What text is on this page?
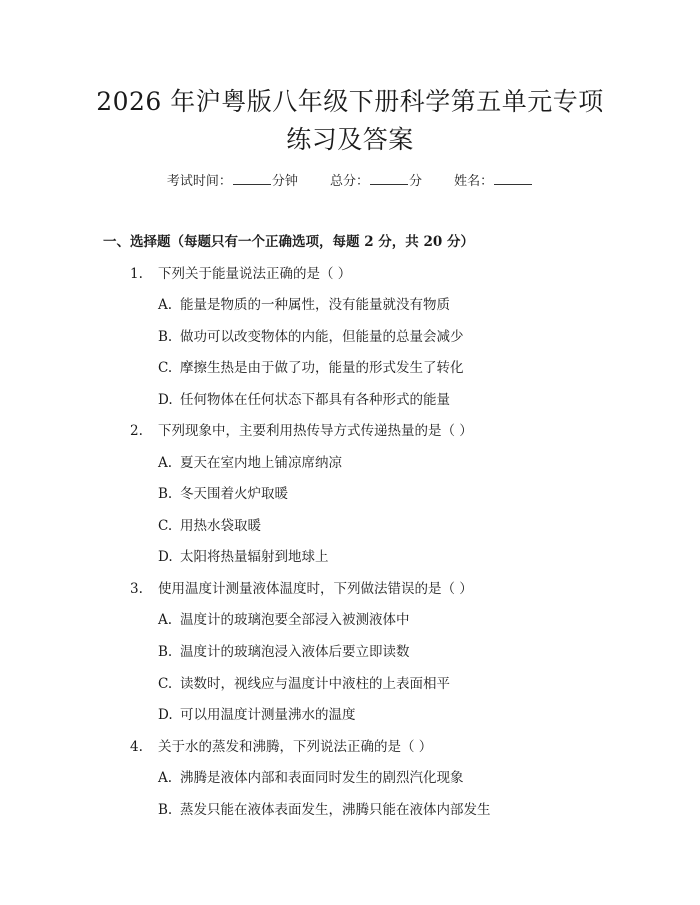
2026 年沪粤版八年级下册科学第五单元专项
练习及答案
考试时间：	分钟 总分：	分 姓名：
一、选择题（每题只有一个正确选项，每题 2 分，共 20 分）
1. 下列关于能量说法正确的是（ ）
A. 能量是物质的一种属性，没有能量就没有物质
B. 做功可以改变物体的内能，但能量的总量会减少
C. 摩擦生热是由于做了功，能量的形式发生了转化
D. 任何物体在任何状态下都具有各种形式的能量
2. 下列现象中，主要利用热传导方式传递热量的是（ ）
A. 夏天在室内地上铺凉席纳凉
B. 冬天围着火炉取暖
C. 用热水袋取暖
D. 太阳将热量辐射到地球上
3. 使用温度计测量液体温度时，下列做法错误的是（ ）
A. 温度计的玻璃泡要全部浸入被测液体中
B. 温度计的玻璃泡浸入液体后要立即读数
C. 读数时，视线应与温度计中液柱的上表面相平
D. 可以用温度计测量沸水的温度
4. 关于水的蒸发和沸腾，下列说法正确的是（ ）
A. 沸腾是液体内部和表面同时发生的剧烈汽化现象
B. 蒸发只能在液体表面发生，沸腾只能在液体内部发生
